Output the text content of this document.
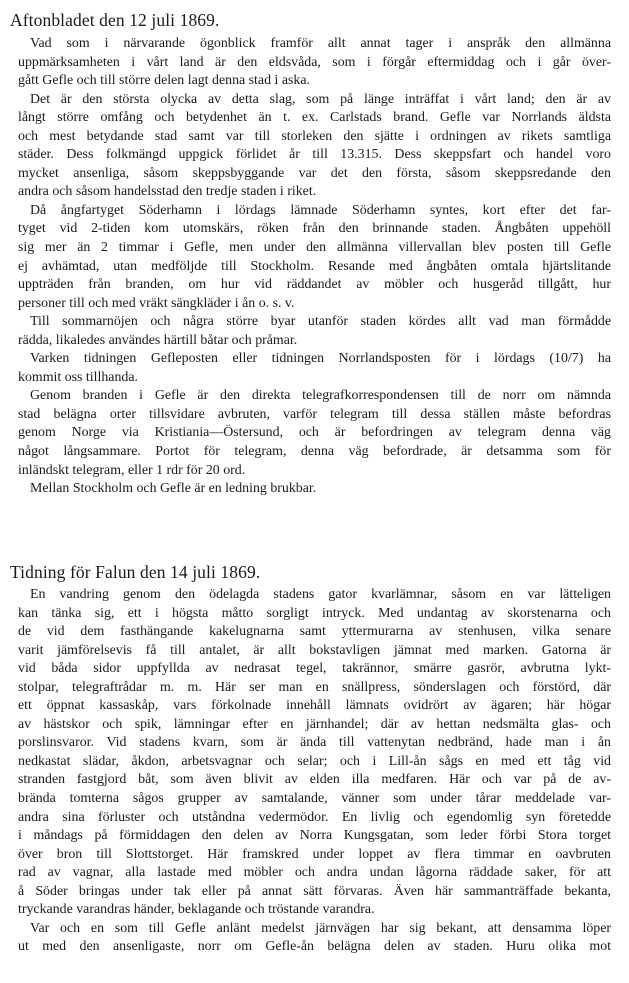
Aftonbladet den 12 juli 1869.
Vad som i närvarande ögonblick framför allt annat tager i anspråk den allmänna
uppmärksamheten i vårt land är den eldsvåda, som i förgår eftermiddag och i går över-
gått Gefle och till större delen lagt denna stad i aska.
Det är den största olycka av detta slag, som på länge inträffat i vårt land; den är av
långt större omfång och betydenhet än t. ex. Carlstads brand. Gefle var Norrlands äldsta
och mest betydande stad samt var till storleken den sjätte i ordningen av rikets samtliga
städer. Dess folkmängd uppgick förlidet år till 13.315. Dess skeppsfart och handel voro
mycket ansenliga, såsom skeppsbyggande var det den första, såsom skeppsredande den
andra och såsom handelsstad den tredje staden i riket.
Då ångfartyget Söderhamn i lördags lämnade Söderhamn syntes, kort efter det far-
tyget vid 2-tiden kom utomskärs, röken från den brinnande staden. Ångbåten uppehöll
sig mer än 2 timmar i Gefle, men under den allmänna villervallan blev posten till Gefle
ej avhämtad, utan medföljde till Stockholm. Resande med ångbåten omtala hjärtslitande
uppträden från branden, om hur vid räddandet av möbler och husgeråd tillgått, hur
personer till och med vräkt sängkläder i ån o. s. v.
Till sommarnöjen och några större byar utanför staden kördes allt vad man förmådde
rädda, likaledes användes härtill båtar och pråmar.
Varken tidningen Gefleposten eller tidningen Norrlandsposten för i lördags (10/7) ha
kommit oss tillhanda.
Genom branden i Gefle är den direkta telegrafkorrespondensen till de norr om nämnda
stad belägna orter tillsvidare avbruten, varför telegram till dessa ställen måste befordras
genom Norge via Kristiania—Östersund, och är befordringen av telegram denna väg
något långsammare. Portot för telegram, denna väg befordrade, är detsamma som för
inländskt telegram, eller 1 rdr för 20 ord.
Mellan Stockholm och Gefle är en ledning brukbar.
Tidning för Falun den 14 juli 1869.
En vandring genom den ödelagda stadens gator kvarlämnar, såsom en var lätteligen
kan tänka sig, ett i högsta måtto sorgligt intryck. Med undantag av skorstenarna och
de vid dem fasthängande kakelugnarna samt yttermurarna av stenhusen, vilka senare
varit jämförelsevis få till antalet, är allt bokstavligen jämnat med marken. Gatorna är
vid båda sidor uppfyllda av nedrasat tegel, takrännor, smärre gasrör, avbrutna lykt-
stolpar, telegraftrådar m. m. Här ser man en snällpress, sönderslagen och förstörd, där
ett öppnat kassaskåp, vars förkolnade innehåll lämnats ovidrört av ägaren; här högar
av hästskor och spik, lämningar efter en järnhandel; där av hettan nedsmälta glas- och
porslinsvaror. Vid stadens kvarn, som är ända till vattenytan nedbränd, hade man i ån
nedkastat slädar, åkdon, arbetsvagnar och selar; och i Lill-ån sågs en med ett tåg vid
stranden fastgjord båt, som även blivit av elden illa medfaren. Här och var på de av-
brända tomterna sågos grupper av samtalande, vänner som under tårar meddelade var-
andra sina förluster och utståndna vedermödor. En livlig och egendomlig syn företedde
i måndags på förmiddagen den delen av Norra Kungsgatan, som leder förbi Stora torget
över bron till Slottstorget. Här framskred under loppet av flera timmar en oavbruten
rad av vagnar, alla lastade med möbler och andra undan lågorna räddade saker, för att
å Söder bringas under tak eller på annat sätt förvaras. Även här sammanträffade bekanta,
tryckande varandras händer, beklagande och tröstande varandra.
Var och en som till Gefle anlänt medelst järnvägen har sig bekant, att densamma löper
ut med den ansenligaste, norr om Gefle-ån belägna delen av staden. Huru olika mot
